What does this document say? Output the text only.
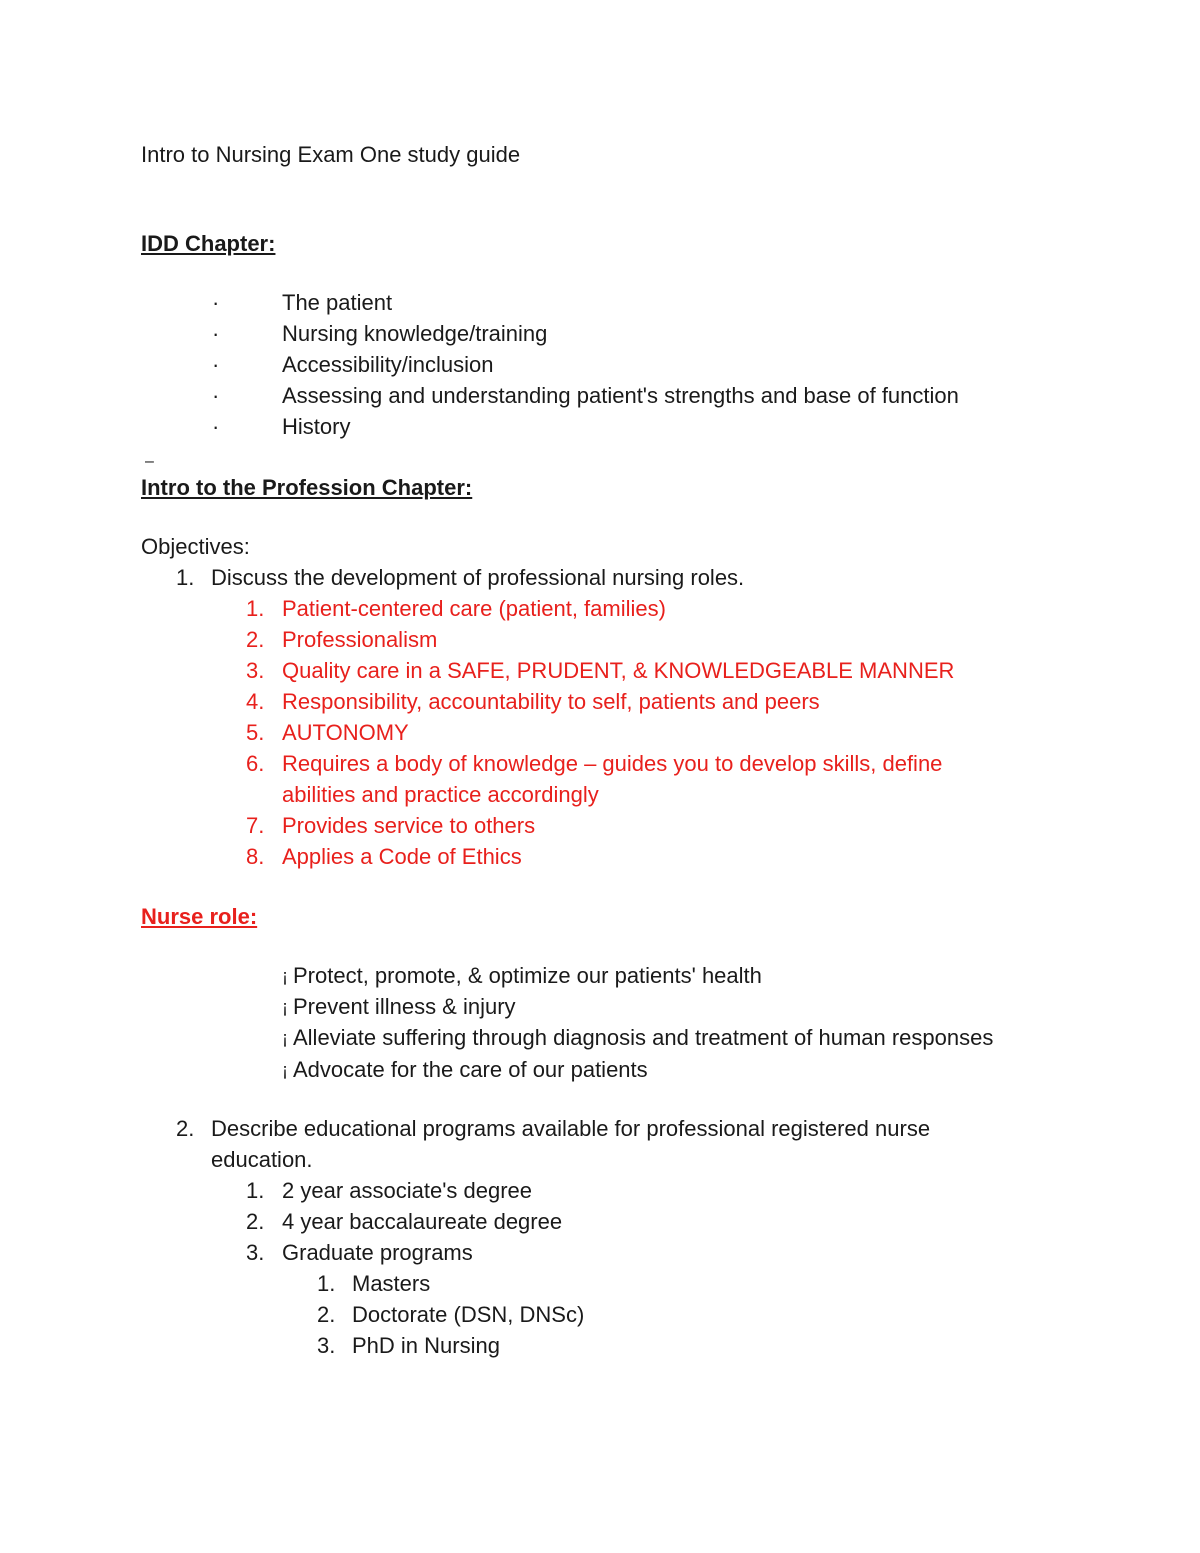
Intro to Nursing Exam One study guide
IDD Chapter:
·	The patient
·	Nursing knowledge/training
·	Accessibility/inclusion
·	Assessing and understanding patient's strengths and base of function
·	History
–
Intro to the Profession Chapter:
Objectives:
1. Discuss the development of professional nursing roles.
1. Patient-centered care (patient, families)
2. Professionalism
3. Quality care in a SAFE, PRUDENT, & KNOWLEDGEABLE MANNER
4. Responsibility, accountability to self, patients and peers
5. AUTONOMY
6. Requires a body of knowledge – guides you to develop skills, define
abilities and practice accordingly
7. Provides service to others
8. Applies a Code of Ethics
Nurse role:
¡ Protect, promote, & optimize our patients' health
¡ Prevent illness & injury
¡ Alleviate suffering through diagnosis and treatment of human responses
¡ Advocate for the care of our patients
2. Describe educational programs available for professional registered nurse
education.
1. 2 year associate's degree
2. 4 year baccalaureate degree
3. Graduate programs
1. Masters
2. Doctorate (DSN, DNSc)
3. PhD in Nursing
